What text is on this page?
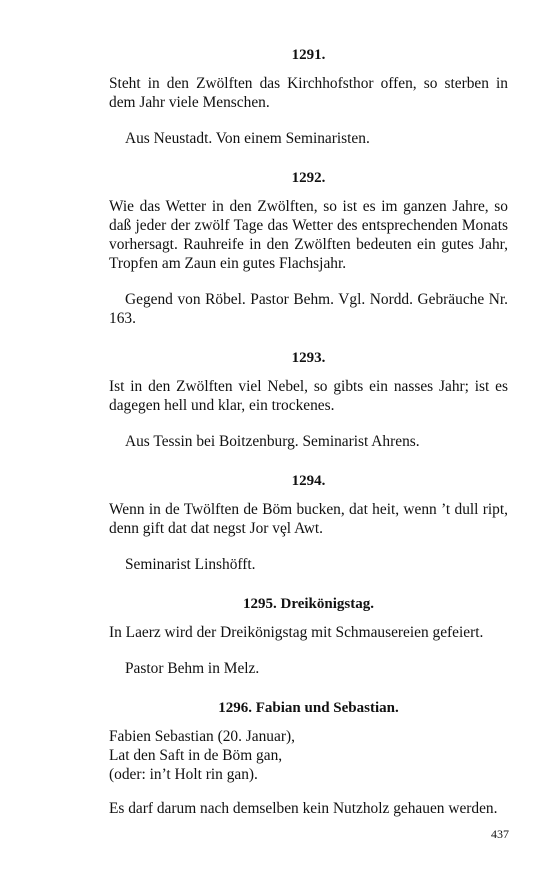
1291.

Steht in den Zwölften das Kirchhofsthor offen, so sterben in dem Jahr viele Menschen.

Aus Neustadt. Von einem Seminaristen.

1292.

Wie das Wetter in den Zwölften, so ist es im ganzen Jahre, so daß jeder der zwölf Tage das Wetter des entsprechenden Monats vorhersagt. Rauhreife in den Zwölften bedeuten ein gutes Jahr, Tropfen am Zaun ein gutes Flachsjahr.

Gegend von Röbel. Pastor Behm. Vgl. Nordd. Gebräuche Nr. 163.

1293.

Ist in den Zwölften viel Nebel, so gibts ein nasses Jahr; ist es dagegen hell und klar, ein trockenes.

Aus Tessin bei Boitzenburg. Seminarist Ahrens.

1294.

Wenn in de Twölften de Böm bucken, dat heit, wenn ’t dull ript, denn gift dat dat negst Jor vȩl Awt.

Seminarist Linshöfft.

1295. Dreikönigstag.

In Laerz wird der Dreikönigstag mit Schmausereien gefeiert.

Pastor Behm in Melz.

1296. Fabian und Sebastian.
Fabien Sebastian (20. Januar),
Lat den Saft in de Böm gan,
(oder: in’t Holt rin gan).

Es darf darum nach demselben kein Nutzholz gehauen werden.

437
